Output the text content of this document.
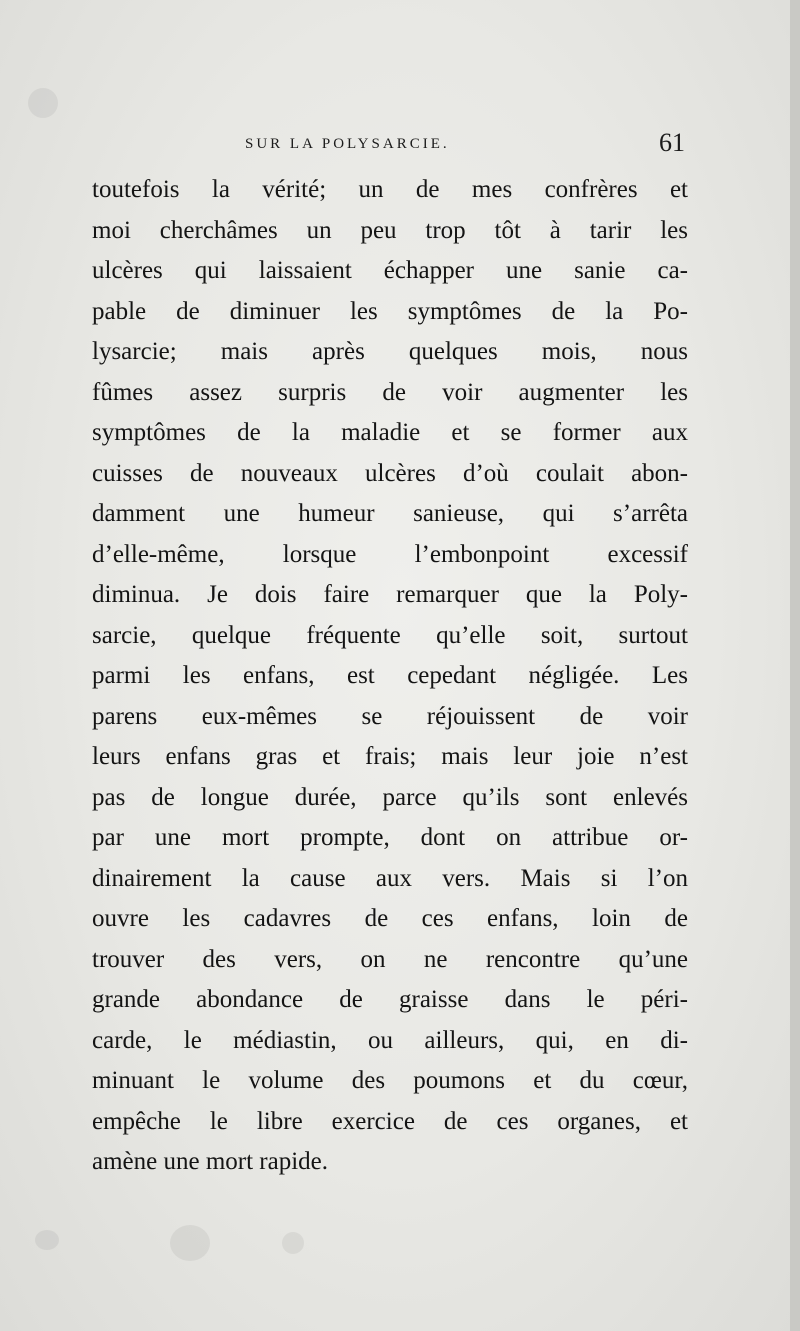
SUR LA POLYSARCIE.	61
toutefois la vérité; un de mes confrères et
moi cherchâmes un peu trop tôt à tarir les
ulcères qui laissaient échapper une sanie ca-
pable de diminuer les symptômes de la Po-
lysarcie; mais après quelques mois, nous
fûmes assez surpris de voir augmenter les
symptômes de la maladie et se former aux
cuisses de nouveaux ulcères d’où coulait abon-
damment une humeur sanieuse, qui s’arrêta
d’elle-même, lorsque l’embonpoint excessif
diminua. Je dois faire remarquer que la Poly-
sarcie, quelque fréquente qu’elle soit, surtout
parmi les enfans, est cepedant négligée. Les
parens eux-mêmes se réjouissent de voir
leurs enfans gras et frais; mais leur joie n’est
pas de longue durée, parce qu’ils sont enlevés
par une mort prompte, dont on attribue or-
dinairement la cause aux vers. Mais si l’on
ouvre les cadavres de ces enfans, loin de
trouver des vers, on ne rencontre qu’une
grande abondance de graisse dans le péri-
carde, le médiastin, ou ailleurs, qui, en di-
minuant le volume des poumons et du cœur,
empêche le libre exercice de ces organes, et
amène une mort rapide.
